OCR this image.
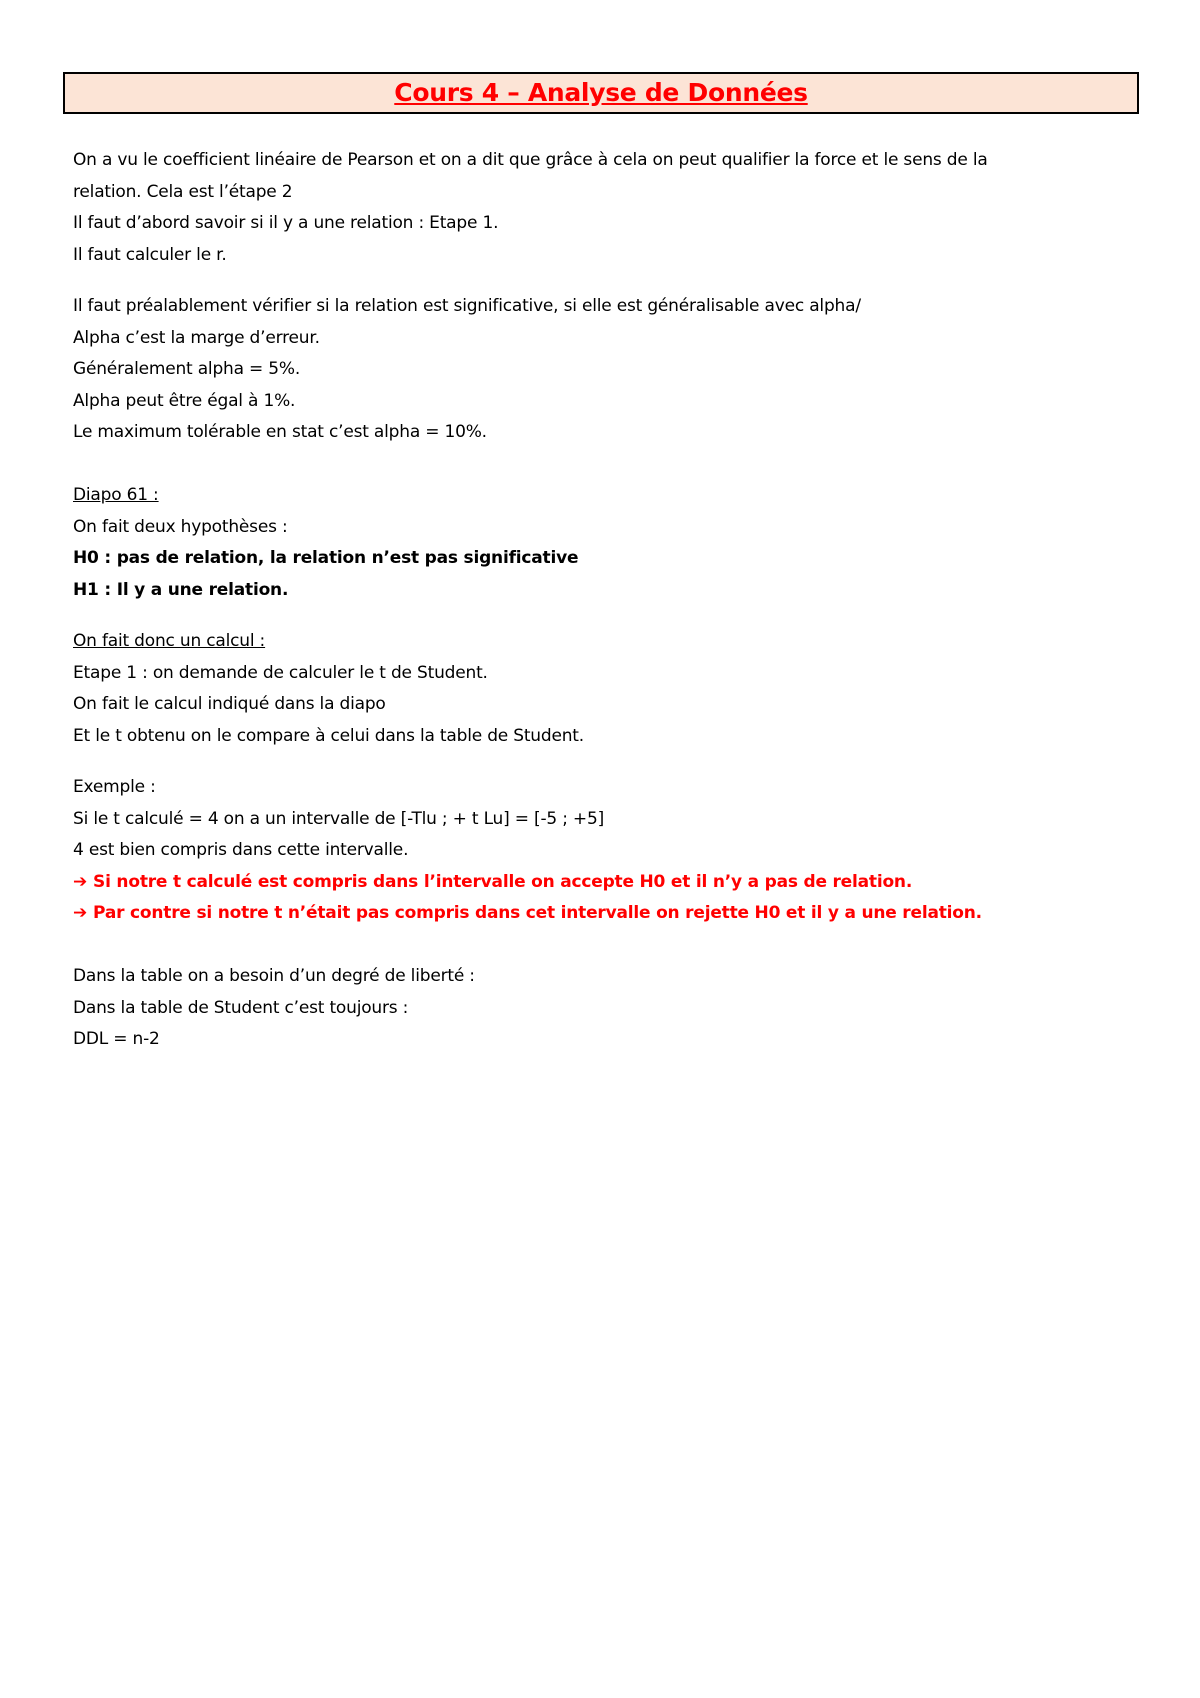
Cours 4 – Analyse de Données
On a vu le coefficient linéaire de Pearson et on a dit que grâce à cela on peut qualifier la force et le sens de la
relation. Cela est l’étape 2
Il faut d’abord savoir si il y a une relation : Etape 1.
Il faut calculer le r.
Il faut préalablement vérifier si la relation est significative, si elle est généralisable avec alpha/
Alpha c’est la marge d’erreur.
Généralement alpha = 5%.
Alpha peut être égal à 1%.
Le maximum tolérable en stat c’est alpha = 10%.
Diapo 61 :
On fait deux hypothèses :
H0 : pas de relation, la relation n’est pas significative
H1 : Il y a une relation.
On fait donc un calcul :
Etape 1 : on demande de calculer le t de Student.
On fait le calcul indiqué dans la diapo
Et le t obtenu on le compare à celui dans la table de Student.
Exemple :
Si le t calculé = 4 on a un intervalle de [-Tlu ; + t Lu] = [-5 ; +5]
4 est bien compris dans cette intervalle.
➔ Si notre t calculé est compris dans l’intervalle on accepte H0 et il n’y a pas de relation.
➔ Par contre si notre t n’était pas compris dans cet intervalle on rejette H0 et il y a une relation.
Dans la table on a besoin d’un degré de liberté :
Dans la table de Student c’est toujours :
DDL = n-2
